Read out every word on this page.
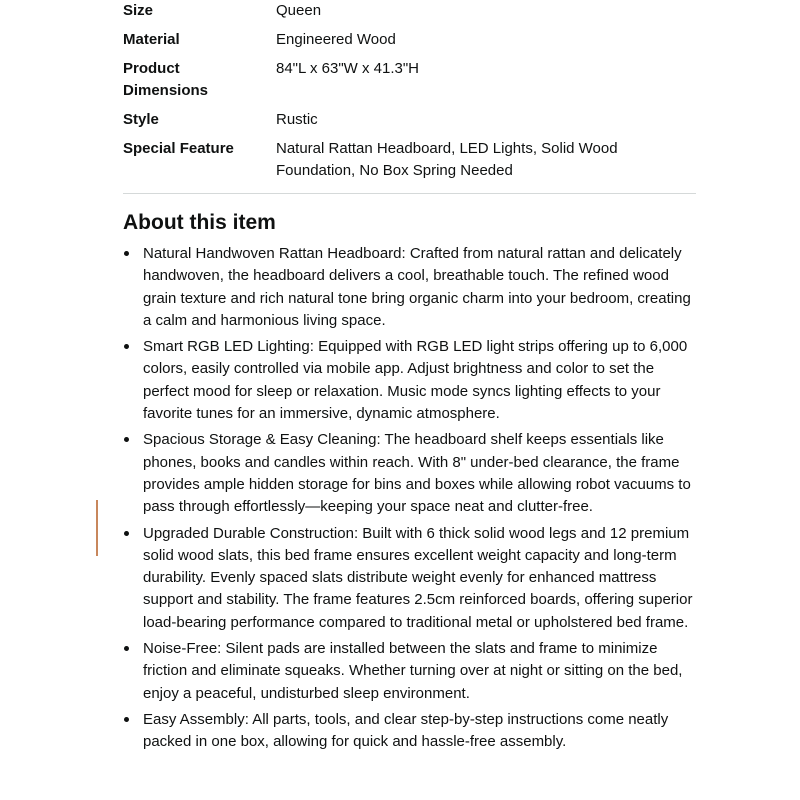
Size	Queen
Material	Engineered Wood
Product Dimensions	84"L x 63"W x 41.3"H
Style	Rustic
Special Feature	Natural Rattan Headboard, LED Lights, Solid Wood Foundation, No Box Spring Needed
About this item
Natural Handwoven Rattan Headboard: Crafted from natural rattan and delicately handwoven, the headboard delivers a cool, breathable touch. The refined wood grain texture and rich natural tone bring organic charm into your bedroom, creating a calm and harmonious living space.
Smart RGB LED Lighting: Equipped with RGB LED light strips offering up to 6,000 colors, easily controlled via mobile app. Adjust brightness and color to set the perfect mood for sleep or relaxation. Music mode syncs lighting effects to your favorite tunes for an immersive, dynamic atmosphere.
Spacious Storage & Easy Cleaning: The headboard shelf keeps essentials like phones, books and candles within reach. With 8" under-bed clearance, the frame provides ample hidden storage for bins and boxes while allowing robot vacuums to pass through effortlessly—keeping your space neat and clutter-free.
Upgraded Durable Construction: Built with 6 thick solid wood legs and 12 premium solid wood slats, this bed frame ensures excellent weight capacity and long-term durability. Evenly spaced slats distribute weight evenly for enhanced mattress support and stability. The frame features 2.5cm reinforced boards, offering superior load-bearing performance compared to traditional metal or upholstered bed frame.
Noise-Free: Silent pads are installed between the slats and frame to minimize friction and eliminate squeaks. Whether turning over at night or sitting on the bed, enjoy a peaceful, undisturbed sleep environment.
Easy Assembly: All parts, tools, and clear step-by-step instructions come neatly packed in one box, allowing for quick and hassle-free assembly.
